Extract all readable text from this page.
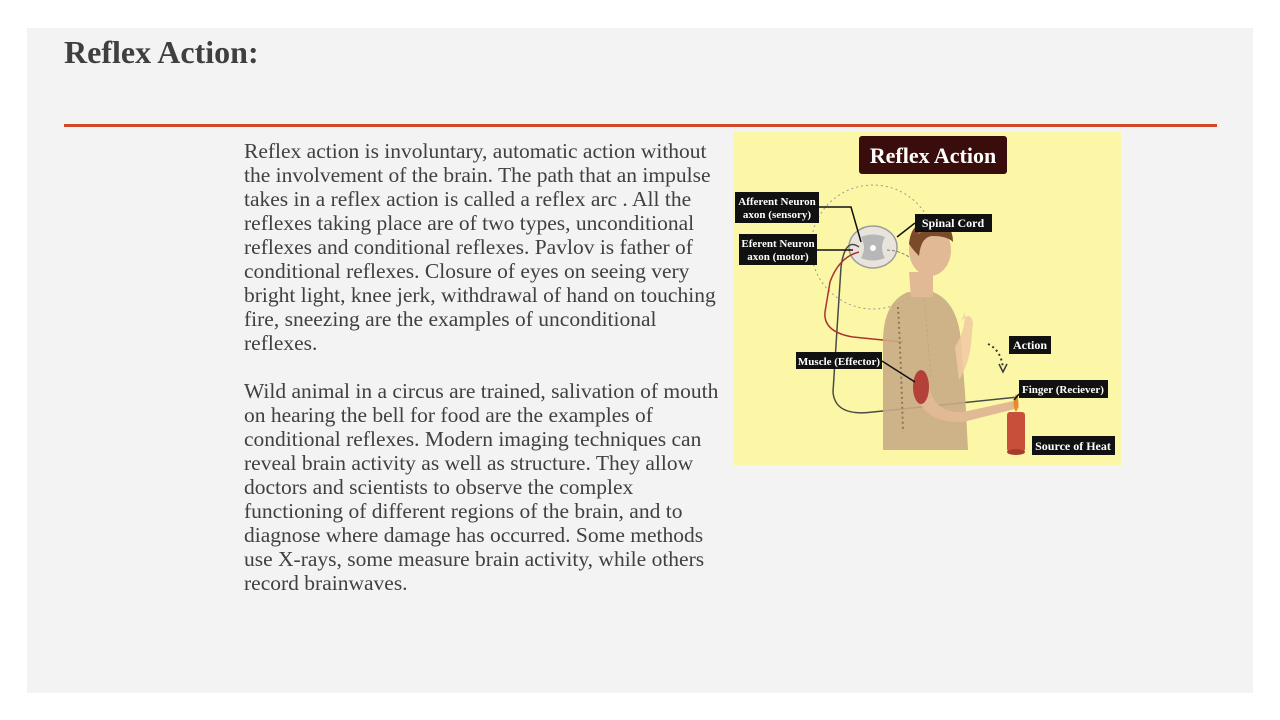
Reflex Action:

Reflex action is involuntary, automatic action without the involvement of the brain. The path that an impulse takes in a reflex action is called a reflex arc . All the reflexes taking place are of two types, unconditional reflexes and conditional reflexes. Pavlov is father of conditional reflexes. Closure of eyes on seeing very bright light, knee jerk, withdrawal of hand on touching fire, sneezing are the examples of unconditional reflexes.

Wild animal in a circus are trained, salivation of mouth on hearing the bell for food are the examples of conditional reflexes. Modern imaging techniques can reveal brain activity as well as structure. They allow doctors and scientists to observe the complex functioning of different regions of the brain, and to diagnose where damage has occurred. Some methods use X-rays, some measure brain activity, while others record brainwaves.

Reflex Action
Afferent Neuron
axon (sensory)
Eferent Neuron
axon (motor)
Spinal Cord
Action
Muscle (Effector)
Finger (Reciever)
Source of Heat
